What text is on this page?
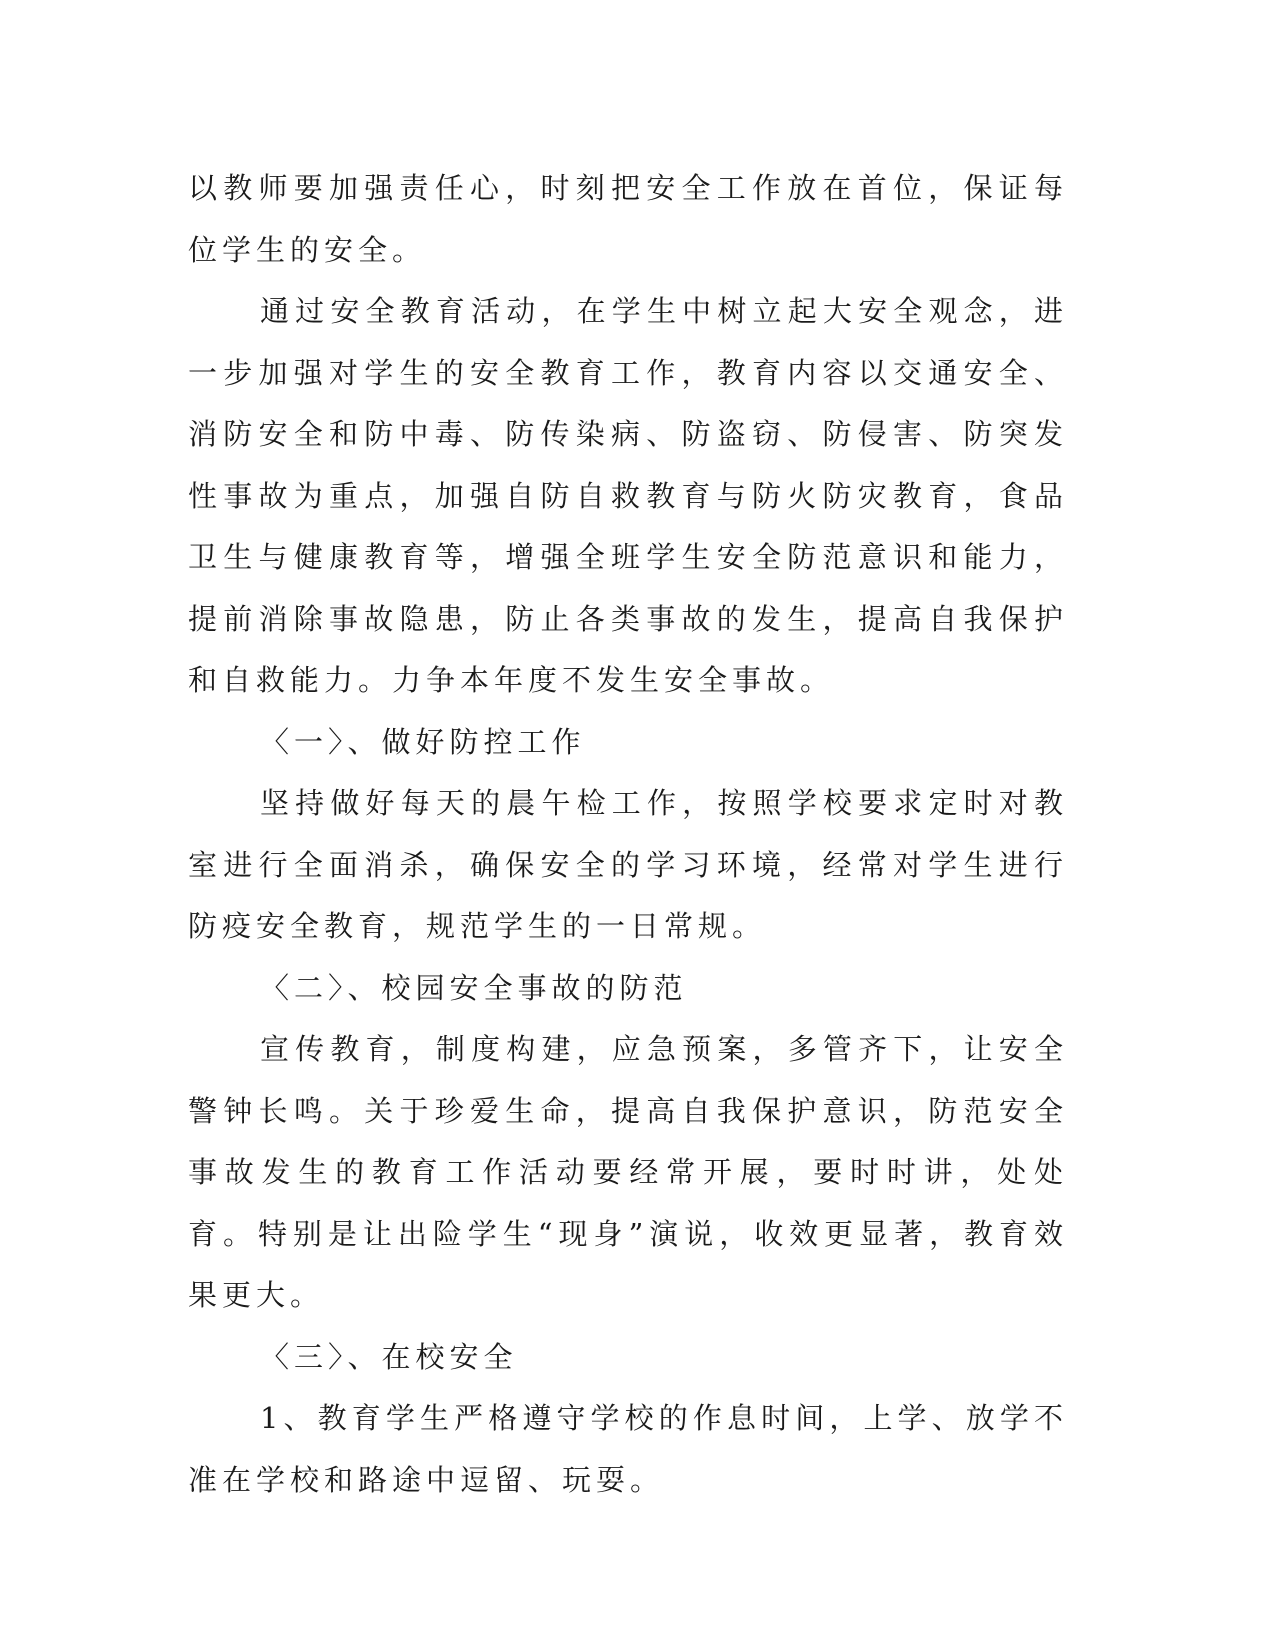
以教师要加强责任心，时刻把安全工作放在首位，保证每位学生的安全。

通过安全教育活动，在学生中树立起大安全观念，进一步加强对学生的安全教育工作，教育内容以交通安全、消防安全和防中毒、防传染病、防盗窃、防侵害、防突发性事故为重点，加强自防自救教育与防火防灾教育，食品卫生与健康教育等，增强全班学生安全防范意识和能力，提前消除事故隐患，防止各类事故的发生，提高自我保护和自救能力。力争本年度不发生安全事故。

〈一〉、做好防控工作

坚持做好每天的晨午检工作，按照学校要求定时对教室进行全面消杀，确保安全的学习环境，经常对学生进行防疫安全教育，规范学生的一日常规。

〈二〉、校园安全事故的防范

宣传教育，制度构建，应急预案，多管齐下，让安全警钟长鸣。关于珍爱生命，提高自我保护意识，防范安全事故发生的教育工作活动要经常开展，要时时讲，处处育。特别是让出险学生“现身”演说，收效更显著，教育效果更大。

〈三〉、在校安全

1、教育学生严格遵守学校的作息时间，上学、放学不准在学校和路途中逗留、玩耍。
